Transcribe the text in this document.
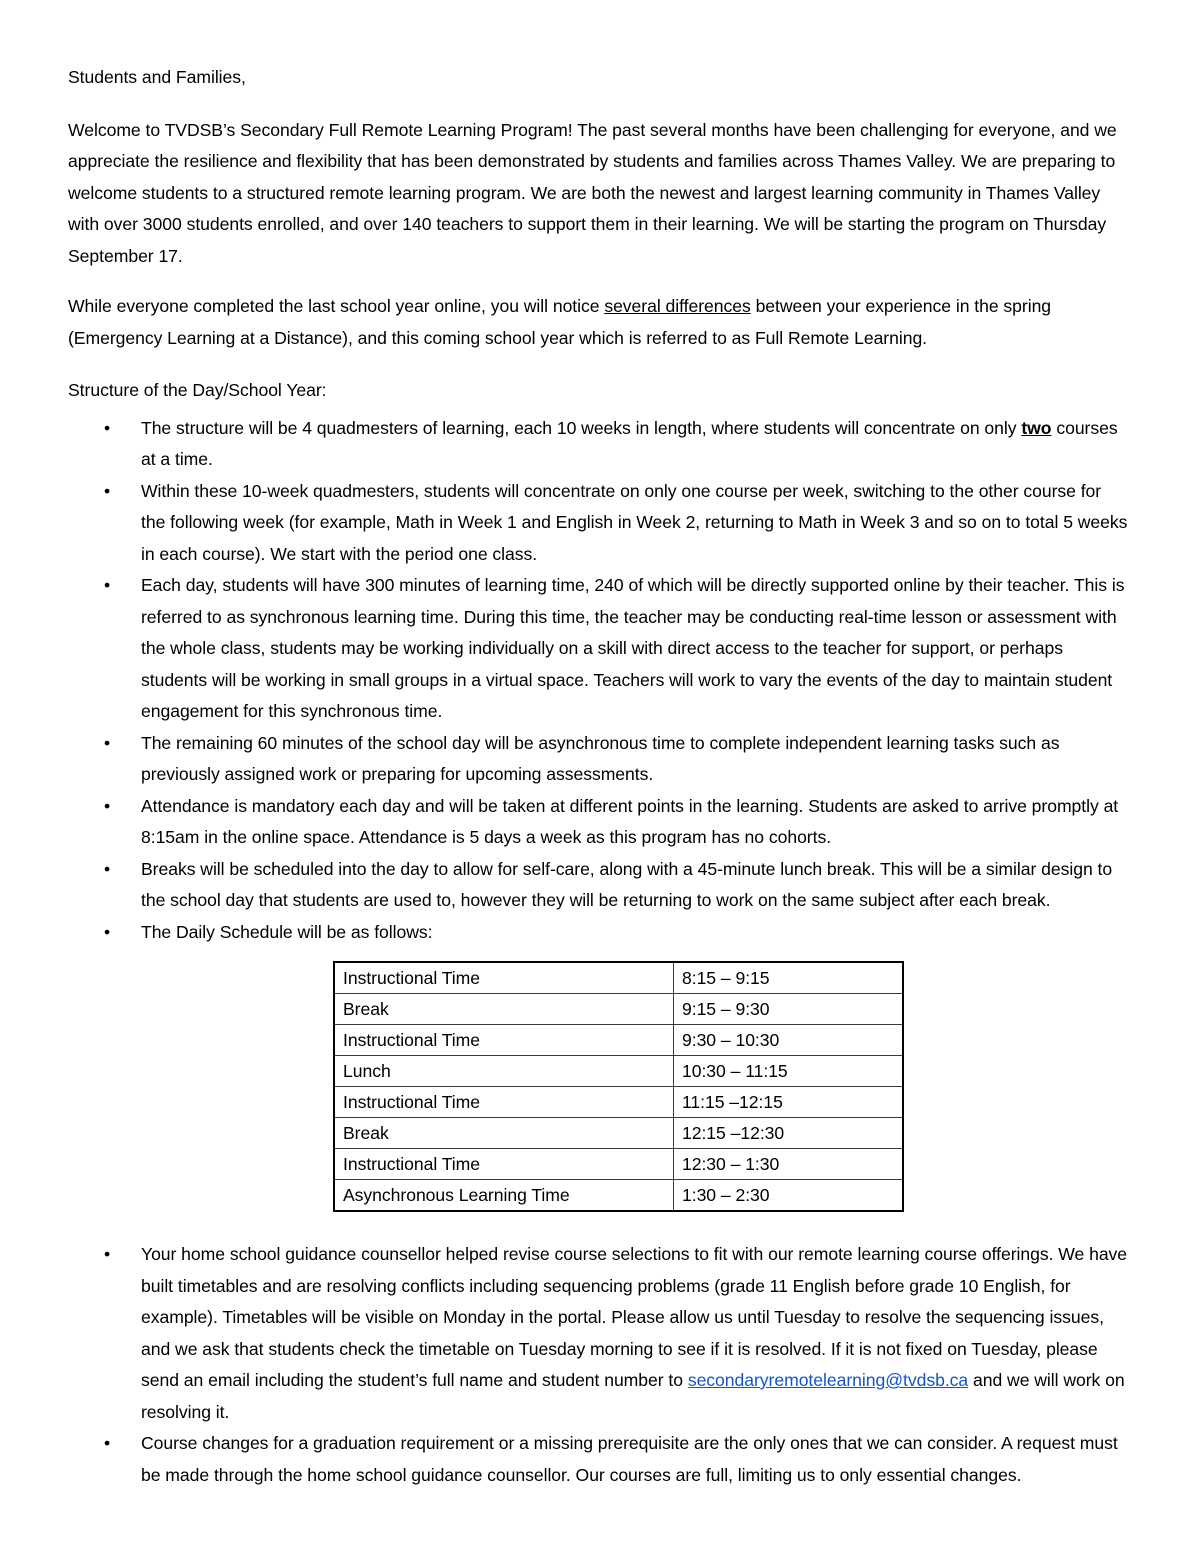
Students and Families,

Welcome to TVDSB’s Secondary Full Remote Learning Program! The past several months have been challenging for everyone, and we appreciate the resilience and flexibility that has been demonstrated by students and families across Thames Valley. We are preparing to welcome students to a structured remote learning program. We are both the newest and largest learning community in Thames Valley with over 3000 students enrolled, and over 140 teachers to support them in their learning. We will be starting the program on Thursday September 17.

While everyone completed the last school year online, you will notice several differences between your experience in the spring (Emergency Learning at a Distance), and this coming school year which is referred to as Full Remote Learning.

Structure of the Day/School Year:

•	The structure will be 4 quadmesters of learning, each 10 weeks in length, where students will concentrate on only two courses at a time.
•	Within these 10-week quadmesters, students will concentrate on only one course per week, switching to the other course for the following week (for example, Math in Week 1 and English in Week 2, returning to Math in Week 3 and so on to total 5 weeks in each course). We start with the period one class.
•	Each day, students will have 300 minutes of learning time, 240 of which will be directly supported online by their teacher. This is referred to as synchronous learning time. During this time, the teacher may be conducting real-time lesson or assessment with the whole class, students may be working individually on a skill with direct access to the teacher for support, or perhaps students will be working in small groups in a virtual space. Teachers will work to vary the events of the day to maintain student engagement for this synchronous time.
•	The remaining 60 minutes of the school day will be asynchronous time to complete independent learning tasks such as previously assigned work or preparing for upcoming assessments.
•	Attendance is mandatory each day and will be taken at different points in the learning. Students are asked to arrive promptly at 8:15am in the online space. Attendance is 5 days a week as this program has no cohorts.
•	Breaks will be scheduled into the day to allow for self-care, along with a 45-minute lunch break. This will be a similar design to the school day that students are used to, however they will be returning to work on the same subject after each break.
•	The Daily Schedule will be as follows:
Instructional Time	8:15 – 9:15
Break	9:15 – 9:30
Instructional Time	9:30 – 10:30
Lunch	10:30 – 11:15
Instructional Time	11:15 –12:15
Break	12:15 –12:30
Instructional Time	12:30 – 1:30
Asynchronous Learning Time	1:30 – 2:30
•	Your home school guidance counsellor helped revise course selections to fit with our remote learning course offerings. We have built timetables and are resolving conflicts including sequencing problems (grade 11 English before grade 10 English, for example). Timetables will be visible on Monday in the portal. Please allow us until Tuesday to resolve the sequencing issues, and we ask that students check the timetable on Tuesday morning to see if it is resolved. If it is not fixed on Tuesday, please send an email including the student’s full name and student number to secondaryremotelearning@tvdsb.ca and we will work on resolving it.
•	Course changes for a graduation requirement or a missing prerequisite are the only ones that we can consider. A request must be made through the home school guidance counsellor. Our courses are full, limiting us to only essential changes.
